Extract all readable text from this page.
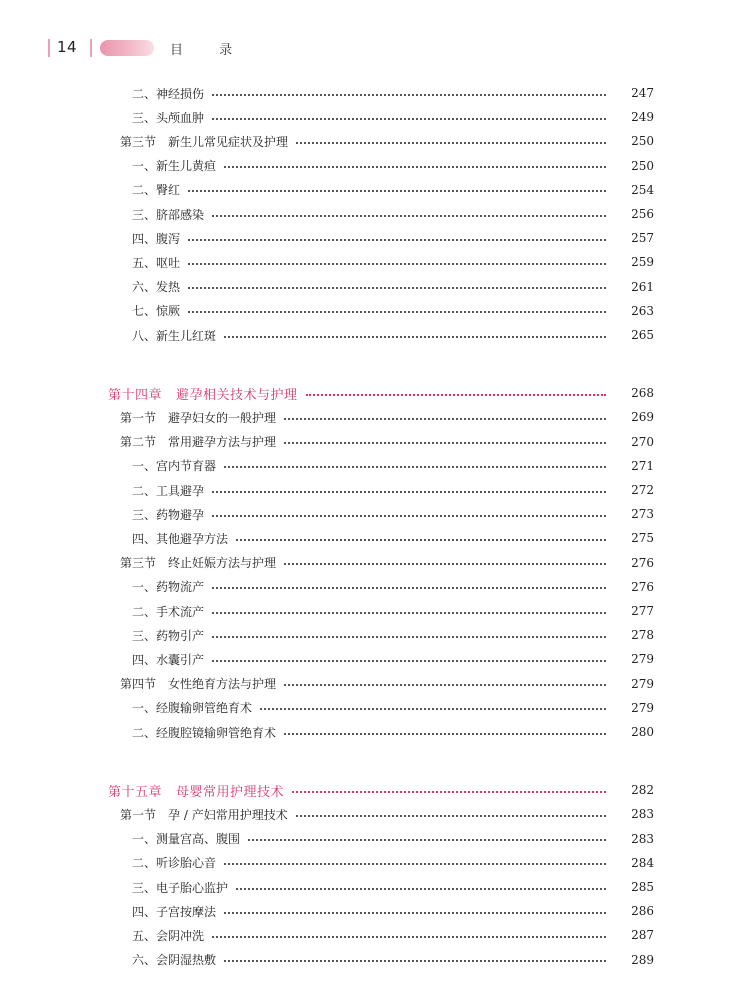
14	目 录
二、神经损伤	247
三、头颅血肿	249
第三节 新生儿常见症状及护理	250
一、新生儿黄疸	250
二、臀红	254
三、脐部感染	256
四、腹泻	257
五、呕吐	259
六、发热	261
七、惊厥	263
八、新生儿红斑	265
第十四章 避孕相关技术与护理	268
第一节 避孕妇女的一般护理	269
第二节 常用避孕方法与护理	270
一、宫内节育器	271
二、工具避孕	272
三、药物避孕	273
四、其他避孕方法	275
第三节 终止妊娠方法与护理	276
一、药物流产	276
二、手术流产	277
三、药物引产	278
四、水囊引产	279
第四节 女性绝育方法与护理	279
一、经腹输卵管绝育术	279
二、经腹腔镜输卵管绝育术	280
第十五章 母婴常用护理技术	282
第一节 孕 / 产妇常用护理技术	283
一、测量宫高、腹围	283
二、听诊胎心音	284
三、电子胎心监护	285
四、子宫按摩法	286
五、会阴冲洗	287
六、会阴湿热敷	289
